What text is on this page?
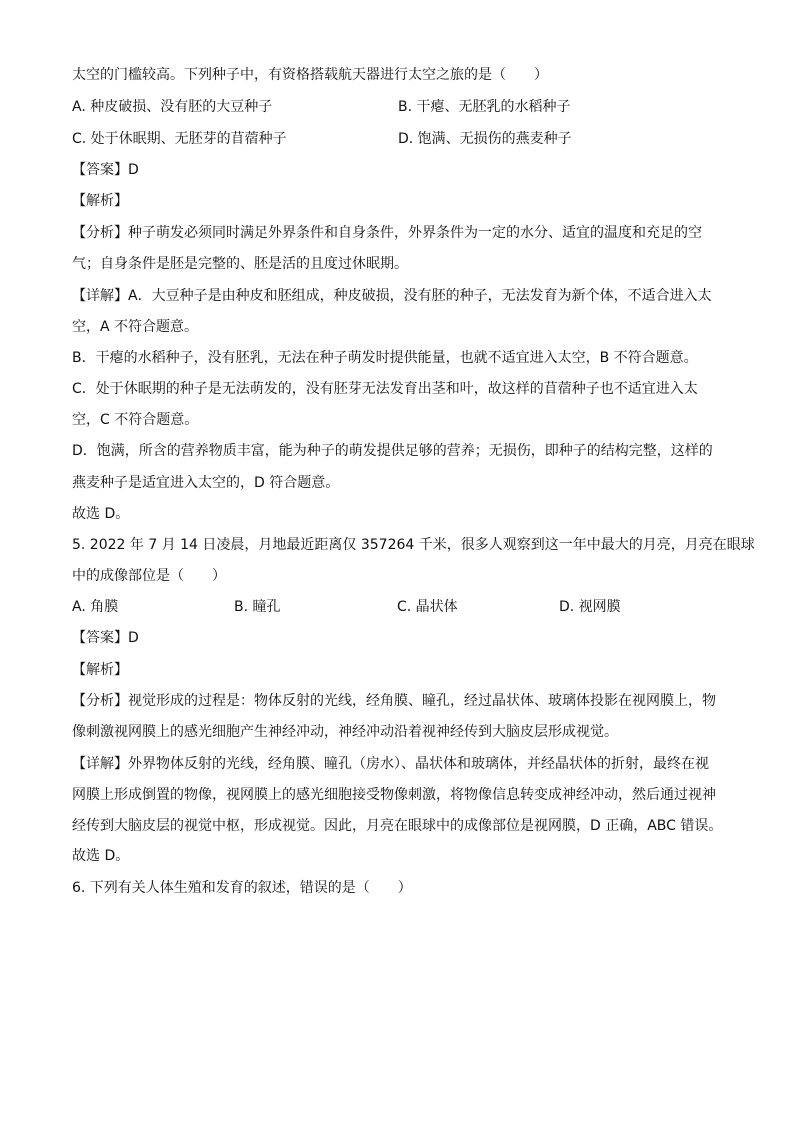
太空的门槛较高。下列种子中，有资格搭载航天器进行太空之旅的是（　　）
A. 种皮破损、没有胚的大豆种子	B. 干瘪、无胚乳的水稻种子
C. 处于休眠期、无胚芽的苜蓿种子	D. 饱满、无损伤的燕麦种子
【答案】D
【解析】
【分析】种子萌发必须同时满足外界条件和自身条件，外界条件为一定的水分、适宜的温度和充足的空
气；自身条件是胚是完整的、胚是活的且度过休眠期。
【详解】A．大豆种子是由种皮和胚组成，种皮破损，没有胚的种子，无法发育为新个体，不适合进入太
空，A 不符合题意。
B．干瘪的水稻种子，没有胚乳，无法在种子萌发时提供能量，也就不适宜进入太空，B 不符合题意。
C．处于休眠期的种子是无法萌发的，没有胚芽无法发育出茎和叶，故这样的苜蓿种子也不适宜进入太
空，C 不符合题意。
D．饱满，所含的营养物质丰富，能为种子的萌发提供足够的营养；无损伤，即种子的结构完整，这样的
燕麦种子是适宜进入太空的，D 符合题意。
故选 D。
5. 2022 年 7 月 14 日凌晨，月地最近距离仅 357264 千米，很多人观察到这一年中最大的月亮，月亮在眼球
中的成像部位是（　　）
A. 角膜	B. 瞳孔	C. 晶状体	D. 视网膜
【答案】D
【解析】
【分析】视觉形成的过程是：物体反射的光线，经角膜、瞳孔，经过晶状体、玻璃体投影在视网膜上，物
像刺激视网膜上的感光细胞产生神经冲动，神经冲动沿着视神经传到大脑皮层形成视觉。
【详解】外界物体反射的光线，经角膜、瞳孔（房水）、晶状体和玻璃体，并经晶状体的折射，最终在视
网膜上形成倒置的物像，视网膜上的感光细胞接受物像刺激，将物像信息转变成神经冲动，然后通过视神
经传到大脑皮层的视觉中枢，形成视觉。因此，月亮在眼球中的成像部位是视网膜，D 正确，ABC 错误。
故选 D。
6. 下列有关人体生殖和发育的叙述，错误的是（　　）
